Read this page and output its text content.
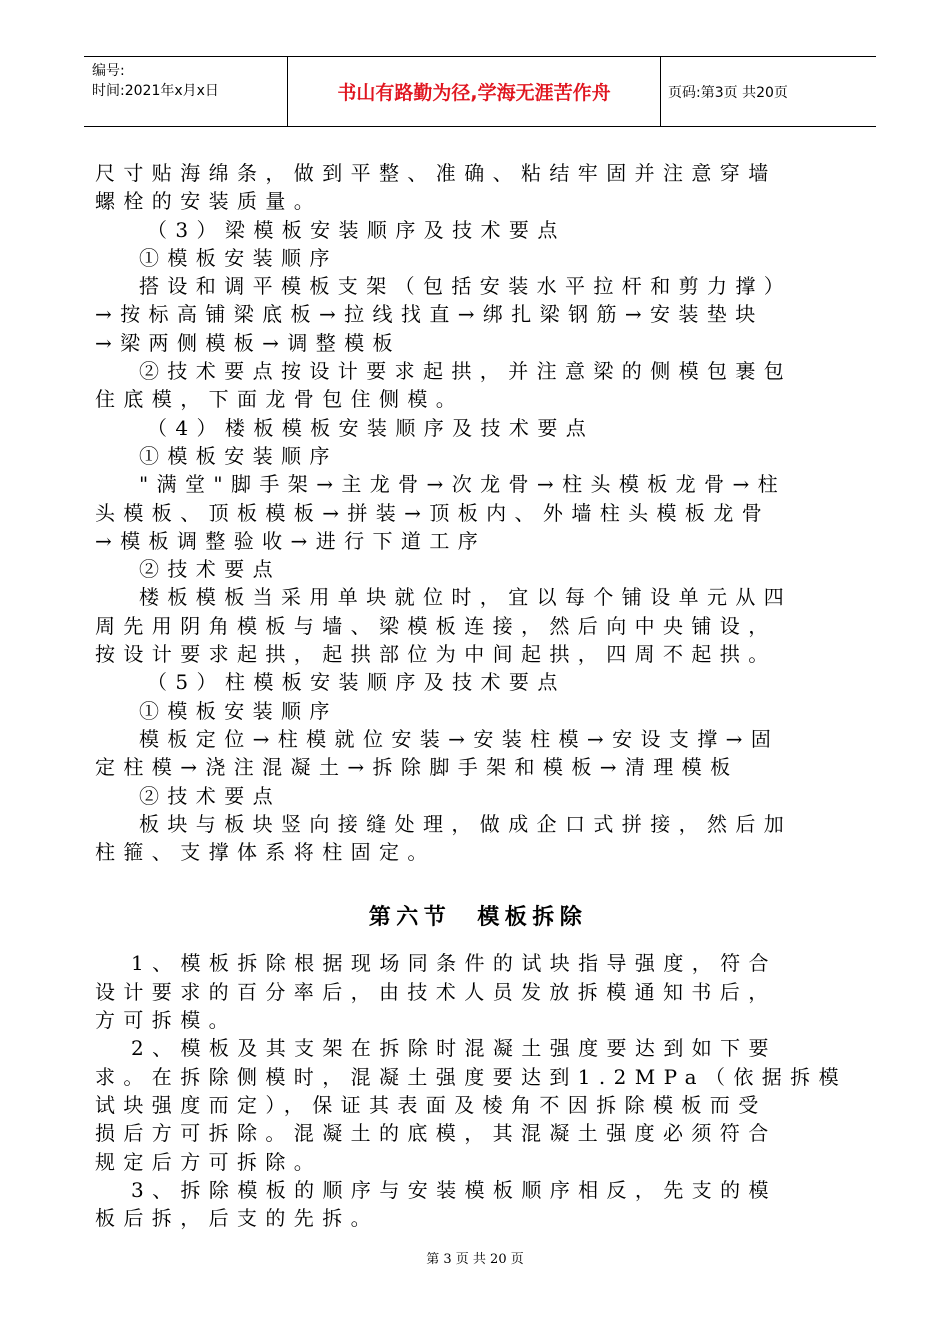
编号:
时间:2021年x月x日	书山有路勤为径,学海无涯苦作舟	页码:第3页 共20页

尺寸贴海绵条，做到平整、准确、粘结牢固并注意穿墙

螺栓的安装质量。

（3）梁模板安装顺序及技术要点

①模板安装顺序

搭设和调平模板支架（包括安装水平拉杆和剪力撑）

→按标高铺梁底板→拉线找直→绑扎梁钢筋→安装垫块

→梁两侧模板→调整模板

②技术要点按设计要求起拱，并注意梁的侧模包裹包

住底模，下面龙骨包住侧模。

（4）楼板模板安装顺序及技术要点

①模板安装顺序

"满堂"脚手架→主龙骨→次龙骨→柱头模板龙骨→柱

头模板、顶板模板→拼装→顶板内、外墙柱头模板龙骨

→模板调整验收→进行下道工序

②技术要点

楼板模板当采用单块就位时，宜以每个铺设单元从四

周先用阴角模板与墙、梁模板连接，然后向中央铺设，

按设计要求起拱，起拱部位为中间起拱，四周不起拱。

（5）柱模板安装顺序及技术要点

①模板安装顺序

模板定位→柱模就位安装→安装柱模→安设支撑→固

定柱模→浇注混凝土→拆除脚手架和模板→清理模板

②技术要点

板块与板块竖向接缝处理，做成企口式拼接，然后加

柱箍、支撑体系将柱固定。

第六节 模板拆除

1、模板拆除根据现场同条件的试块指导强度，符合

设计要求的百分率后，由技术人员发放拆模通知书后，

方可拆模。

2、模板及其支架在拆除时混凝土强度要达到如下要

求。在拆除侧模时，混凝土强度要达到1.2MPa（依据拆模

试块强度而定），保证其表面及棱角不因拆除模板而受

损后方可拆除。混凝土的底模，其混凝土强度必须符合

规定后方可拆除。

3、拆除模板的顺序与安装模板顺序相反，先支的模

板后拆，后支的先拆。

第 3 页 共 20 页
